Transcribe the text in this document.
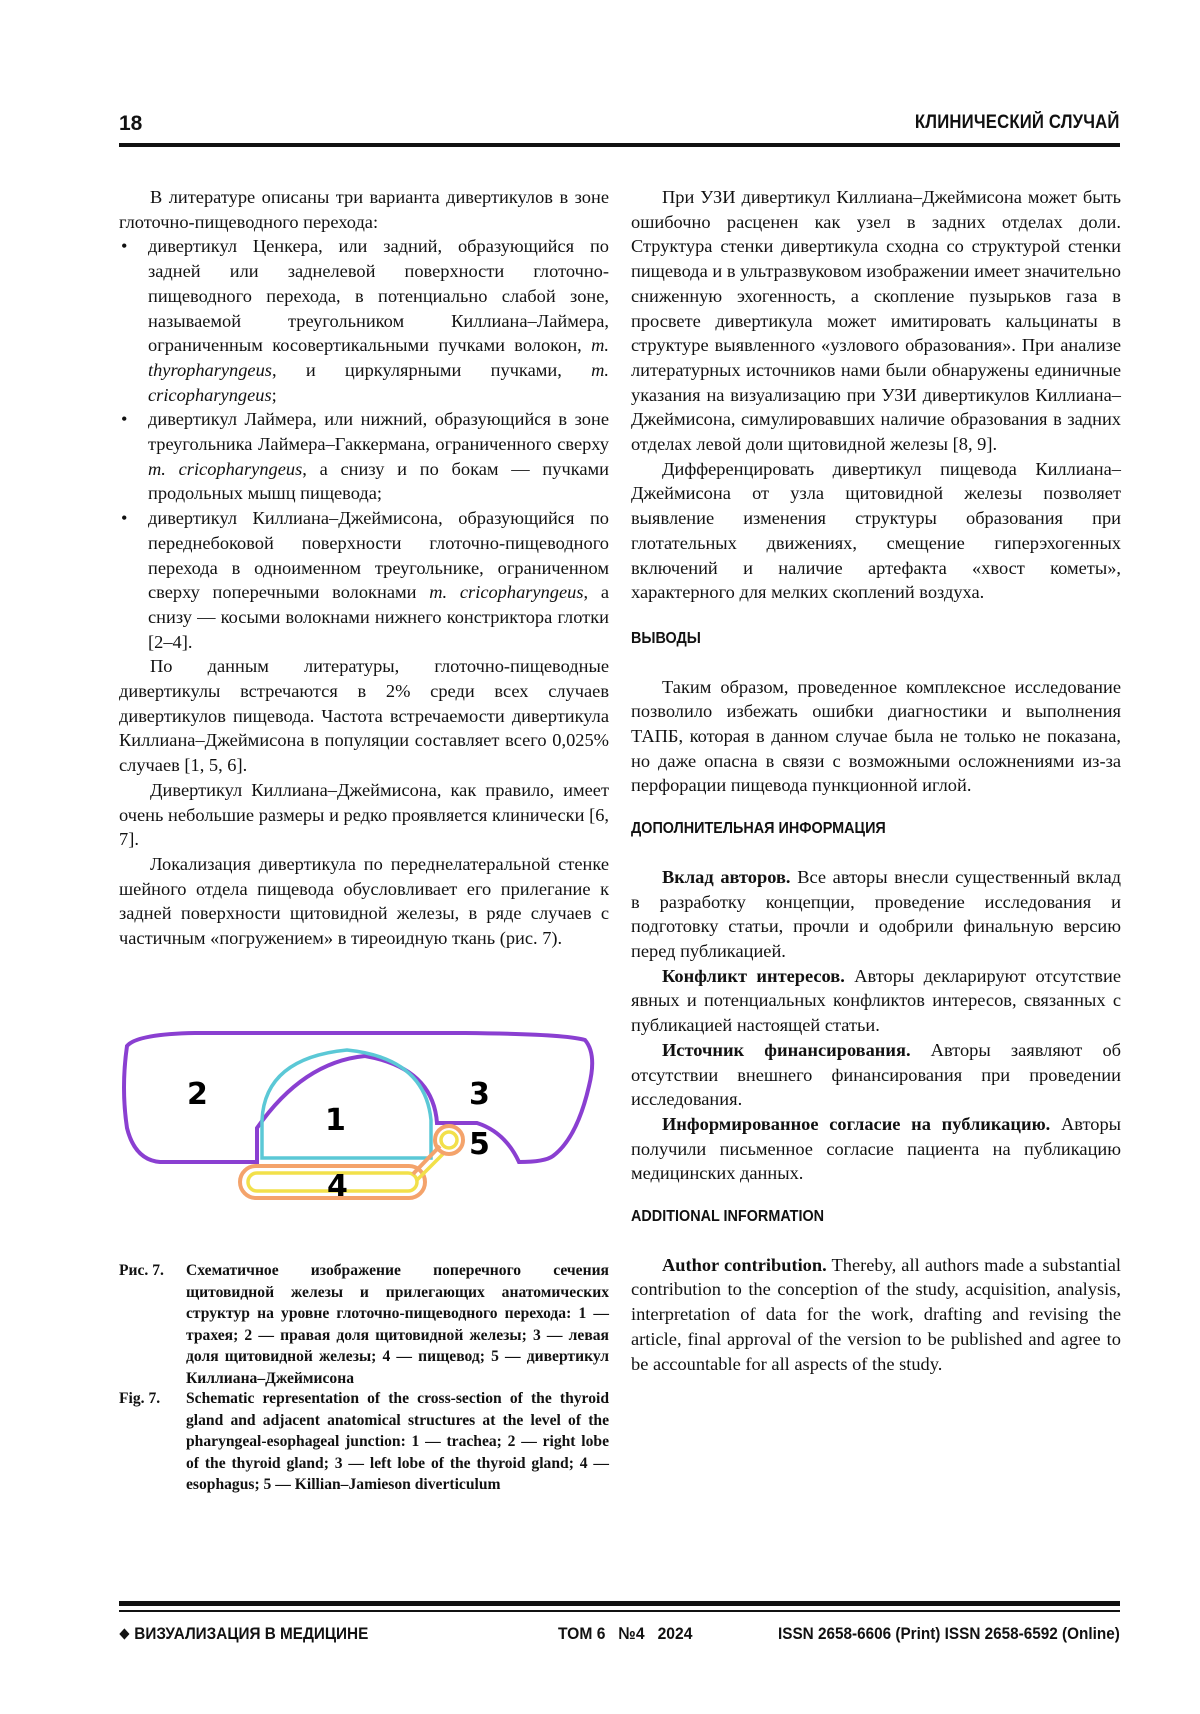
18	КЛИНИЧЕСКИЙ СЛУЧАЙ

В литературе описаны три варианта дивертикулов в зоне глоточно-пищеводного перехода:

• дивертикул Ценкера, или задний, образующийся по задней или заднелевой поверхности глоточно-пищеводного перехода, в потенциально слабой зоне, называемой треугольником Киллиана–Лаймера, ограниченным косовертикальными пучками волокон, m. thyropharyngeus, и циркулярными пучками, m. cricopharyngeus;
• дивертикул Лаймера, или нижний, образующийся в зоне треугольника Лаймера–Гаккермана, ограниченного сверху m. cricopharyngeus, а снизу и по бокам — пучками продольных мышц пищевода;
• дивертикул Киллиана–Джеймисона, образующийся по переднебоковой поверхности глоточно-пищеводного перехода в одноименном треугольнике, ограниченном сверху поперечными волокнами m. cricopharyngeus, а снизу — косыми волокнами нижнего констриктора глотки [2–4].

По данным литературы, глоточно-пищеводные дивертикулы встречаются в 2% среди всех случаев дивертикулов пищевода. Частота встречаемости дивертикула Киллиана–Джеймисона в популяции составляет всего 0,025% случаев [1, 5, 6].

Дивертикул Киллиана–Джеймисона, как правило, имеет очень небольшие размеры и редко проявляется клинически [6, 7].

Локализация дивертикула по переднелатеральной стенке шейного отдела пищевода обусловливает его прилегание к задней поверхности щитовидной железы, в ряде случаев с частичным «погружением» в тиреоидную ткань (рис. 7).

2	3
1
5
4
Рис. 7. Схематичное изображение поперечного сечения щитовидной железы и прилегающих анатомических структур на уровне глоточно-пищеводного перехода: 1 — трахея; 2 — правая доля щитовидной железы; 3 — левая доля щитовидной железы; 4 — пищевод; 5 — дивертикул Киллиана–Джеймисона
Fig. 7. Schematic representation of the cross-section of the thyroid gland and adjacent anatomical structures at the level of the pharyngeal-esophageal junction: 1 — trachea; 2 — right lobe of the thyroid gland; 3 — left lobe of the thyroid gland; 4 — esophagus; 5 — Killian–Jamieson diverticulum

При УЗИ дивертикул Киллиана–Джеймисона может быть ошибочно расценен как узел в задних отделах доли. Структура стенки дивертикула сходна со структурой стенки пищевода и в ультразвуковом изображении имеет значительно сниженную эхогенность, а скопление пузырьков газа в просвете дивертикула может имитировать кальцинаты в структуре выявленного «узлового образования». При анализе литературных источников нами были обнаружены единичные указания на визуализацию при УЗИ дивертикулов Киллиана–Джеймисона, симулировавших наличие образования в задних отделах левой доли щитовидной железы [8, 9].

Дифференцировать дивертикул пищевода Киллиана–Джеймисона от узла щитовидной железы позволяет выявление изменения структуры образования при глотательных движениях, смещение гиперэхогенных включений и наличие артефакта «хвост кометы», характерного для мелких скоплений воздуха.

ВЫВОДЫ

Таким образом, проведенное комплексное исследование позволило избежать ошибки диагностики и выполнения ТАПБ, которая в данном случае была не только не показана, но даже опасна в связи с возможными осложнениями из-за перфорации пищевода пункционной иглой.

ДОПОЛНИТЕЛЬНАЯ ИНФОРМАЦИЯ

Вклад авторов. Все авторы внесли существенный вклад в разработку концепции, проведение исследования и подготовку статьи, прочли и одобрили финальную версию перед публикацией.

Конфликт интересов. Авторы декларируют отсутствие явных и потенциальных конфликтов интересов, связанных с публикацией настоящей статьи.

Источник финансирования. Авторы заявляют об отсутствии внешнего финансирования при проведении исследования.

Информированное согласие на публикацию. Авторы получили письменное согласие пациента на публикацию медицинских данных.

ADDITIONAL INFORMATION

Author contribution. Thereby, all authors made a substantial contribution to the conception of the study, acquisition, analysis, interpretation of data for the work, drafting and revising the article, final approval of the version to be published and agree to be accountable for all aspects of the study.

ВИЗУАЛИЗАЦИЯ В МЕДИЦИНЕ	ТОМ 6   №4   2024	ISSN 2658-6606 (Print) ISSN 2658-6592 (Online)
